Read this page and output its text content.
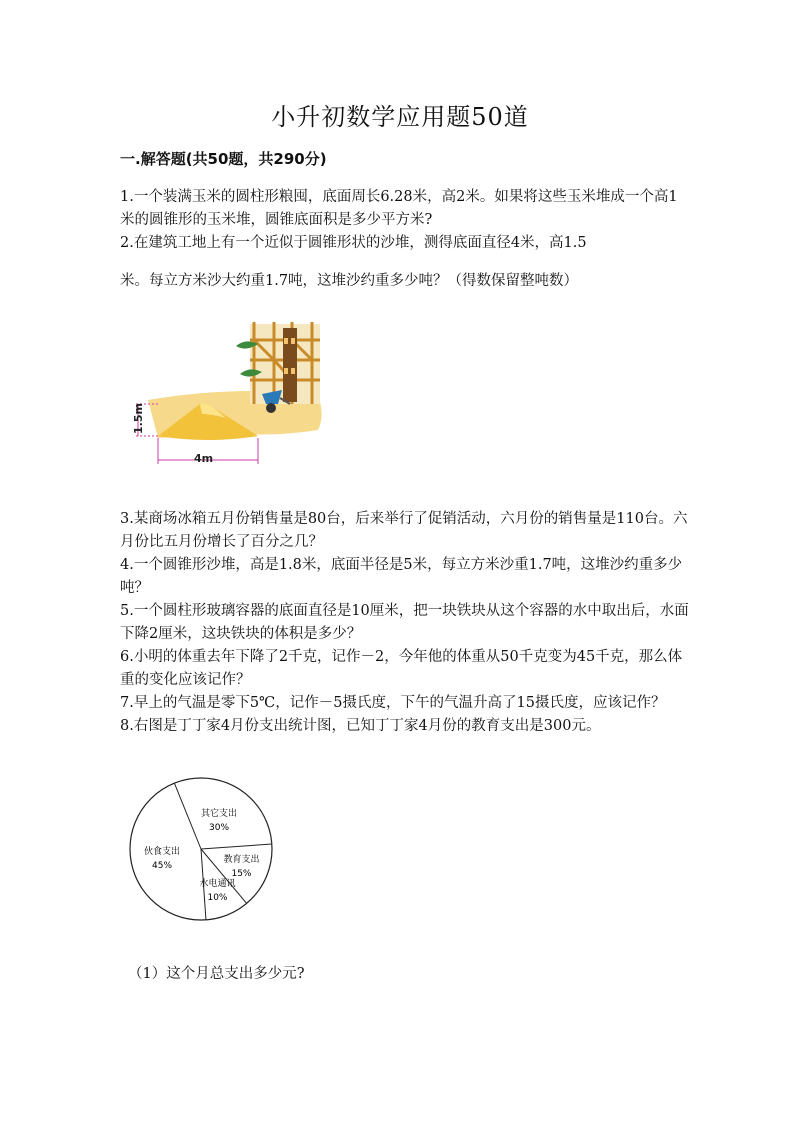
小升初数学应用题50道
一.解答题(共50题，共290分)

1.一个装满玉米的圆柱形粮囤，底面周长6.28米，高2米。如果将这些玉米堆成一个高1米的圆锥形的玉米堆，圆锥底面积是多少平方米?

2.在建筑工地上有一个近似于圆锥形状的沙堆，测得底面直径4米，高1.5

米。每立方米沙大约重1.7吨，这堆沙约重多少吨？（得数保留整吨数）

1.5m
4m

3.某商场冰箱五月份销售量是80台，后来举行了促销活动，六月份的销售量是110台。六月份比五月份增长了百分之几？

4.一个圆锥形沙堆，高是1.8米，底面半径是5米，每立方米沙重1.7吨，这堆沙约重多少吨？

5.一个圆柱形玻璃容器的底面直径是10厘米，把一块铁块从这个容器的水中取出后，水面下降2厘米，这块铁块的体积是多少？

6.小明的体重去年下降了2千克，记作－2，今年他的体重从50千克变为45千克，那么体重的变化应该记作？

7.早上的气温是零下5℃，记作－5摄氏度，下午的气温升高了15摄氏度，应该记作？

8.右图是丁丁家4月份支出统计图，已知丁丁家4月份的教育支出是300元。

其它支出
30%
教育支出
15%
水电通讯
10%
伙食支出
45%
（1）这个月总支出多少元?
